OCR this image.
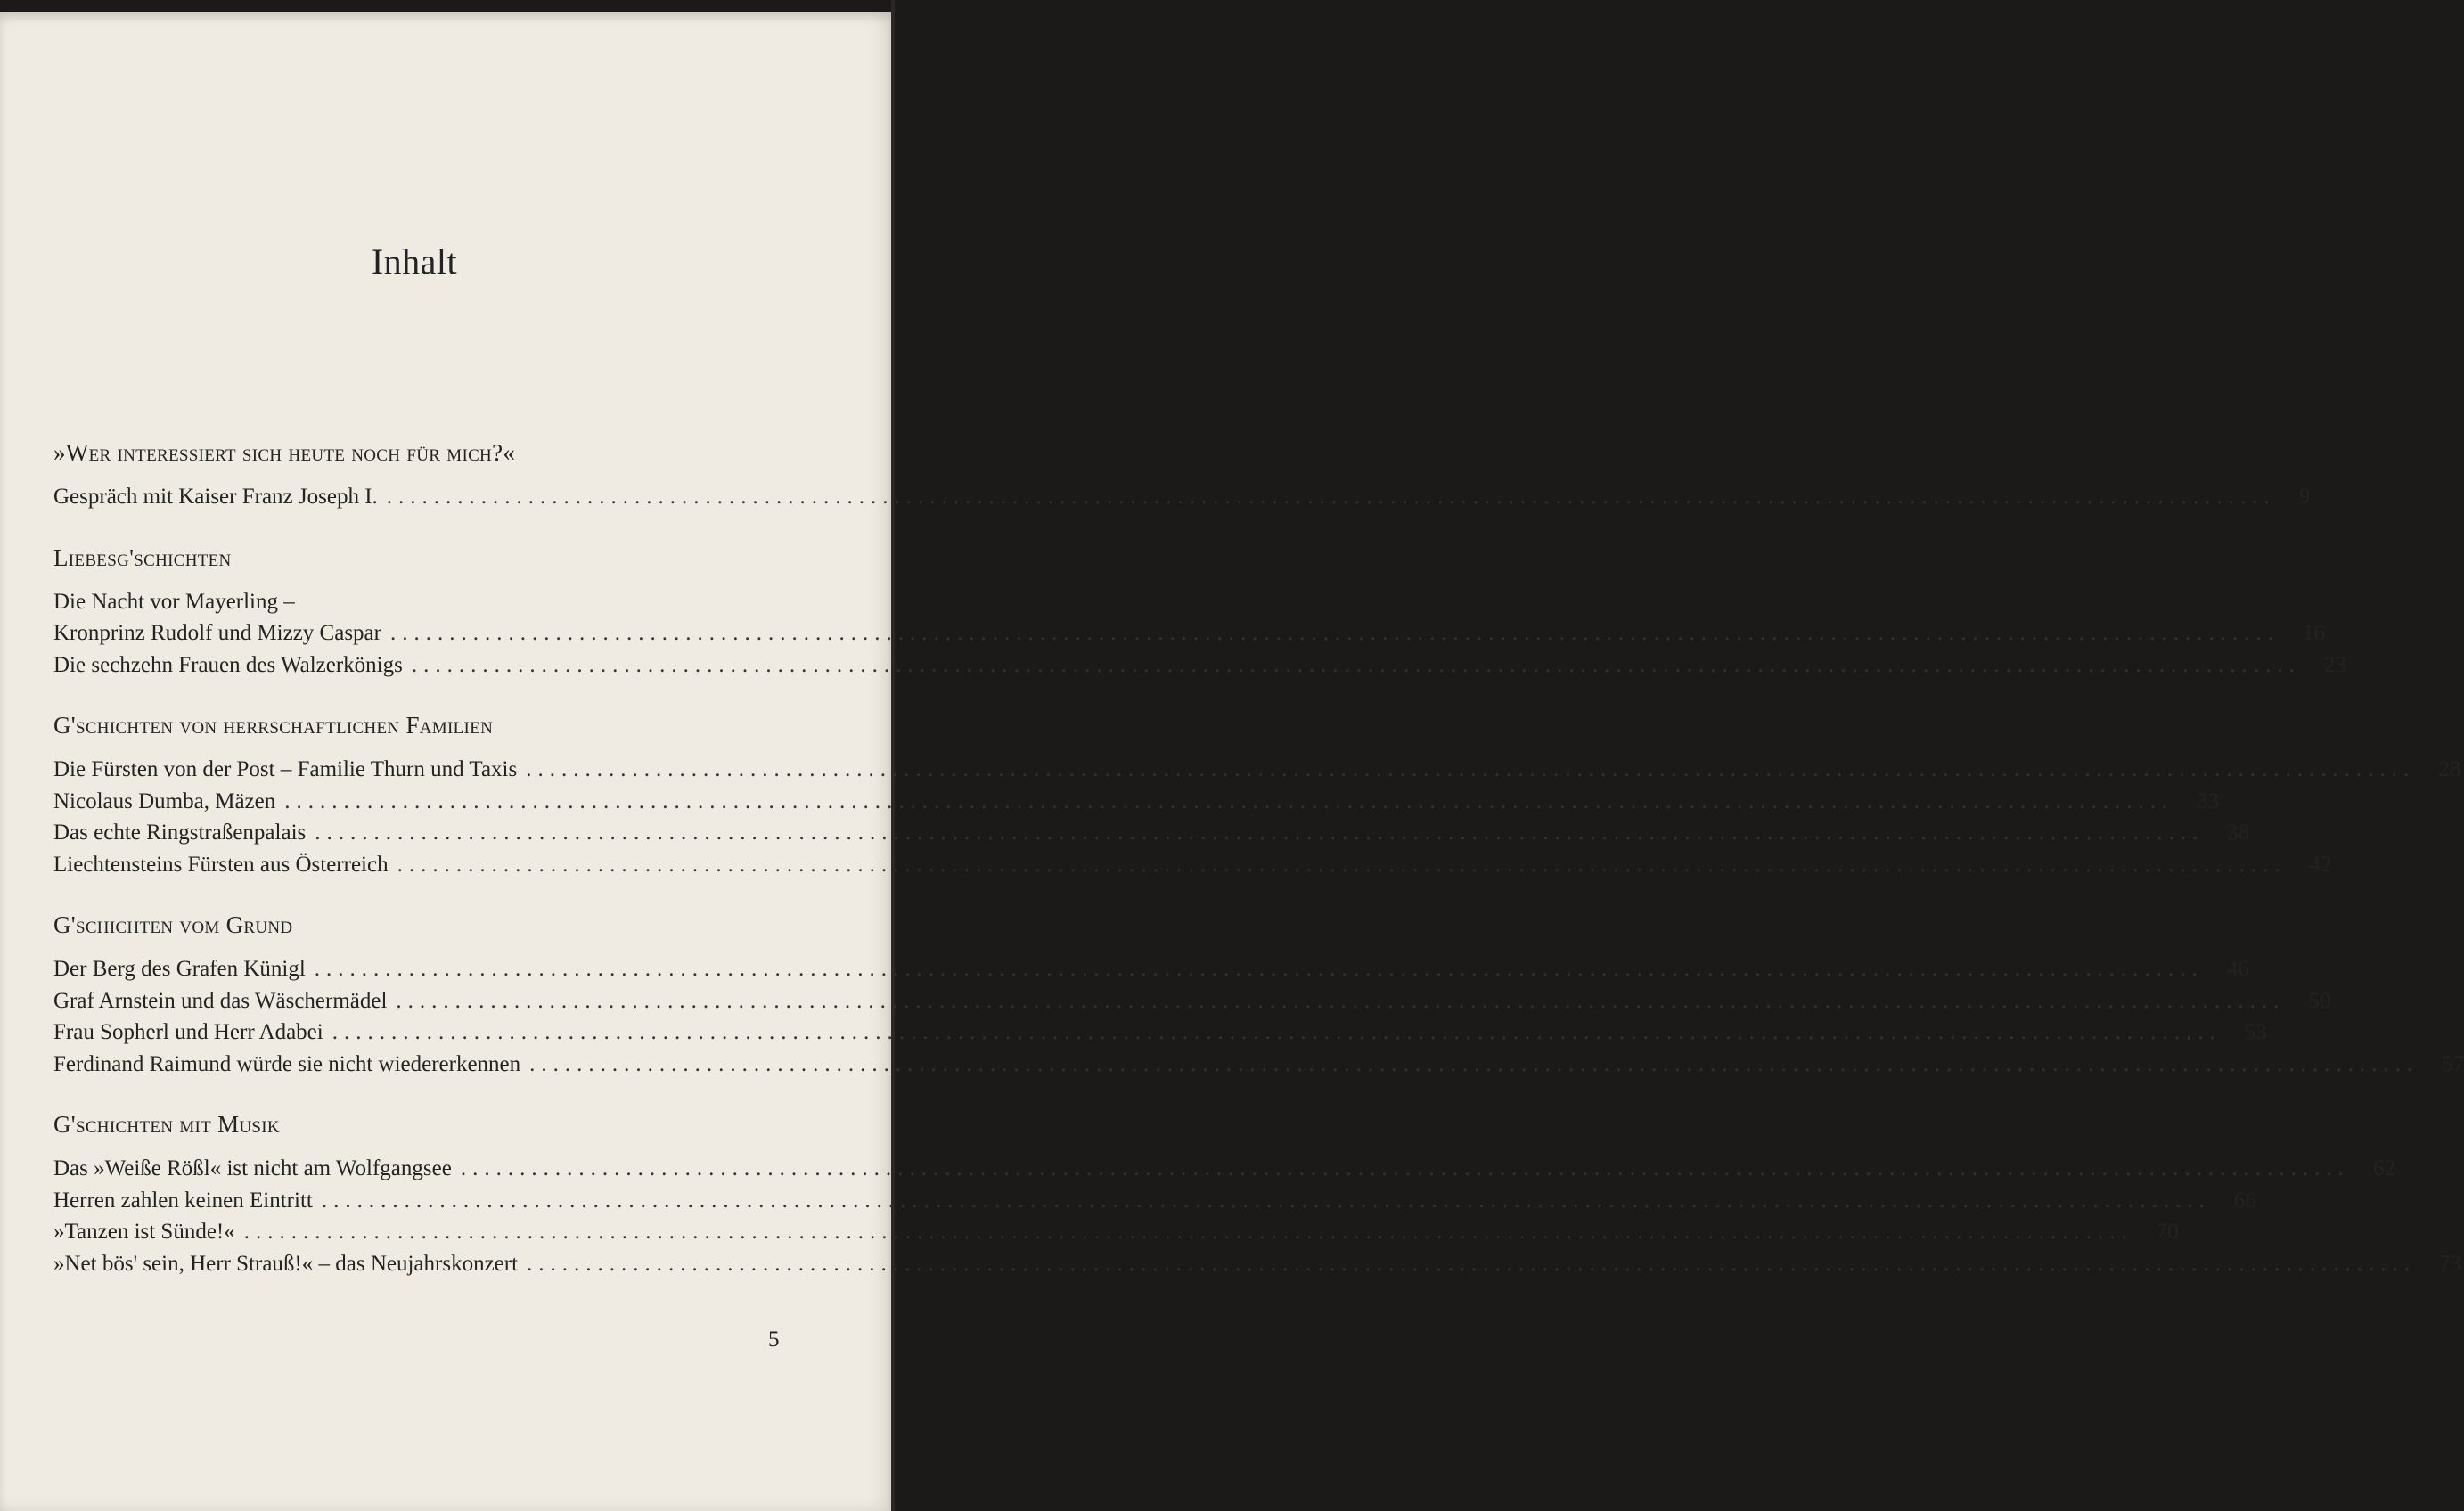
Inhalt
»Wer interessiert sich heute noch für mich?«
Gespräch mit Kaiser Franz Joseph I. ................................................................................................................................................................ 9
Liebesg'schichten
Die Nacht vor Mayerling –
Kronprinz Rudolf und Mizzy Caspar ................................................................................................................................................................ 16
Die sechzehn Frauen des Walzerkönigs ................................................................................................................................................................ 23
G'schichten von herrschaftlichen Familien
Die Fürsten von der Post – Familie Thurn und Taxis ................................................................................................................................................................ 28
Nicolaus Dumba, Mäzen ................................................................................................................................................................ 33
Das echte Ringstraßenpalais ................................................................................................................................................................ 38
Liechtensteins Fürsten aus Österreich ................................................................................................................................................................ 42
G'schichten vom Grund
Der Berg des Grafen Künigl ................................................................................................................................................................ 46
Graf Arnstein und das Wäschermädel ................................................................................................................................................................ 50
Frau Sopherl und Herr Adabei ................................................................................................................................................................ 53
Ferdinand Raimund würde sie nicht wiedererkennen ................................................................................................................................................................ 57
G'schichten mit Musik
Das »Weiße Rößl« ist nicht am Wolfgangsee ................................................................................................................................................................ 62
Herren zahlen keinen Eintritt ................................................................................................................................................................ 66
»Tanzen ist Sünde!« ................................................................................................................................................................ 70
»Net bös' sein, Herr Strauß!« – das Neujahrskonzert ................................................................................................................................................................ 73
5
